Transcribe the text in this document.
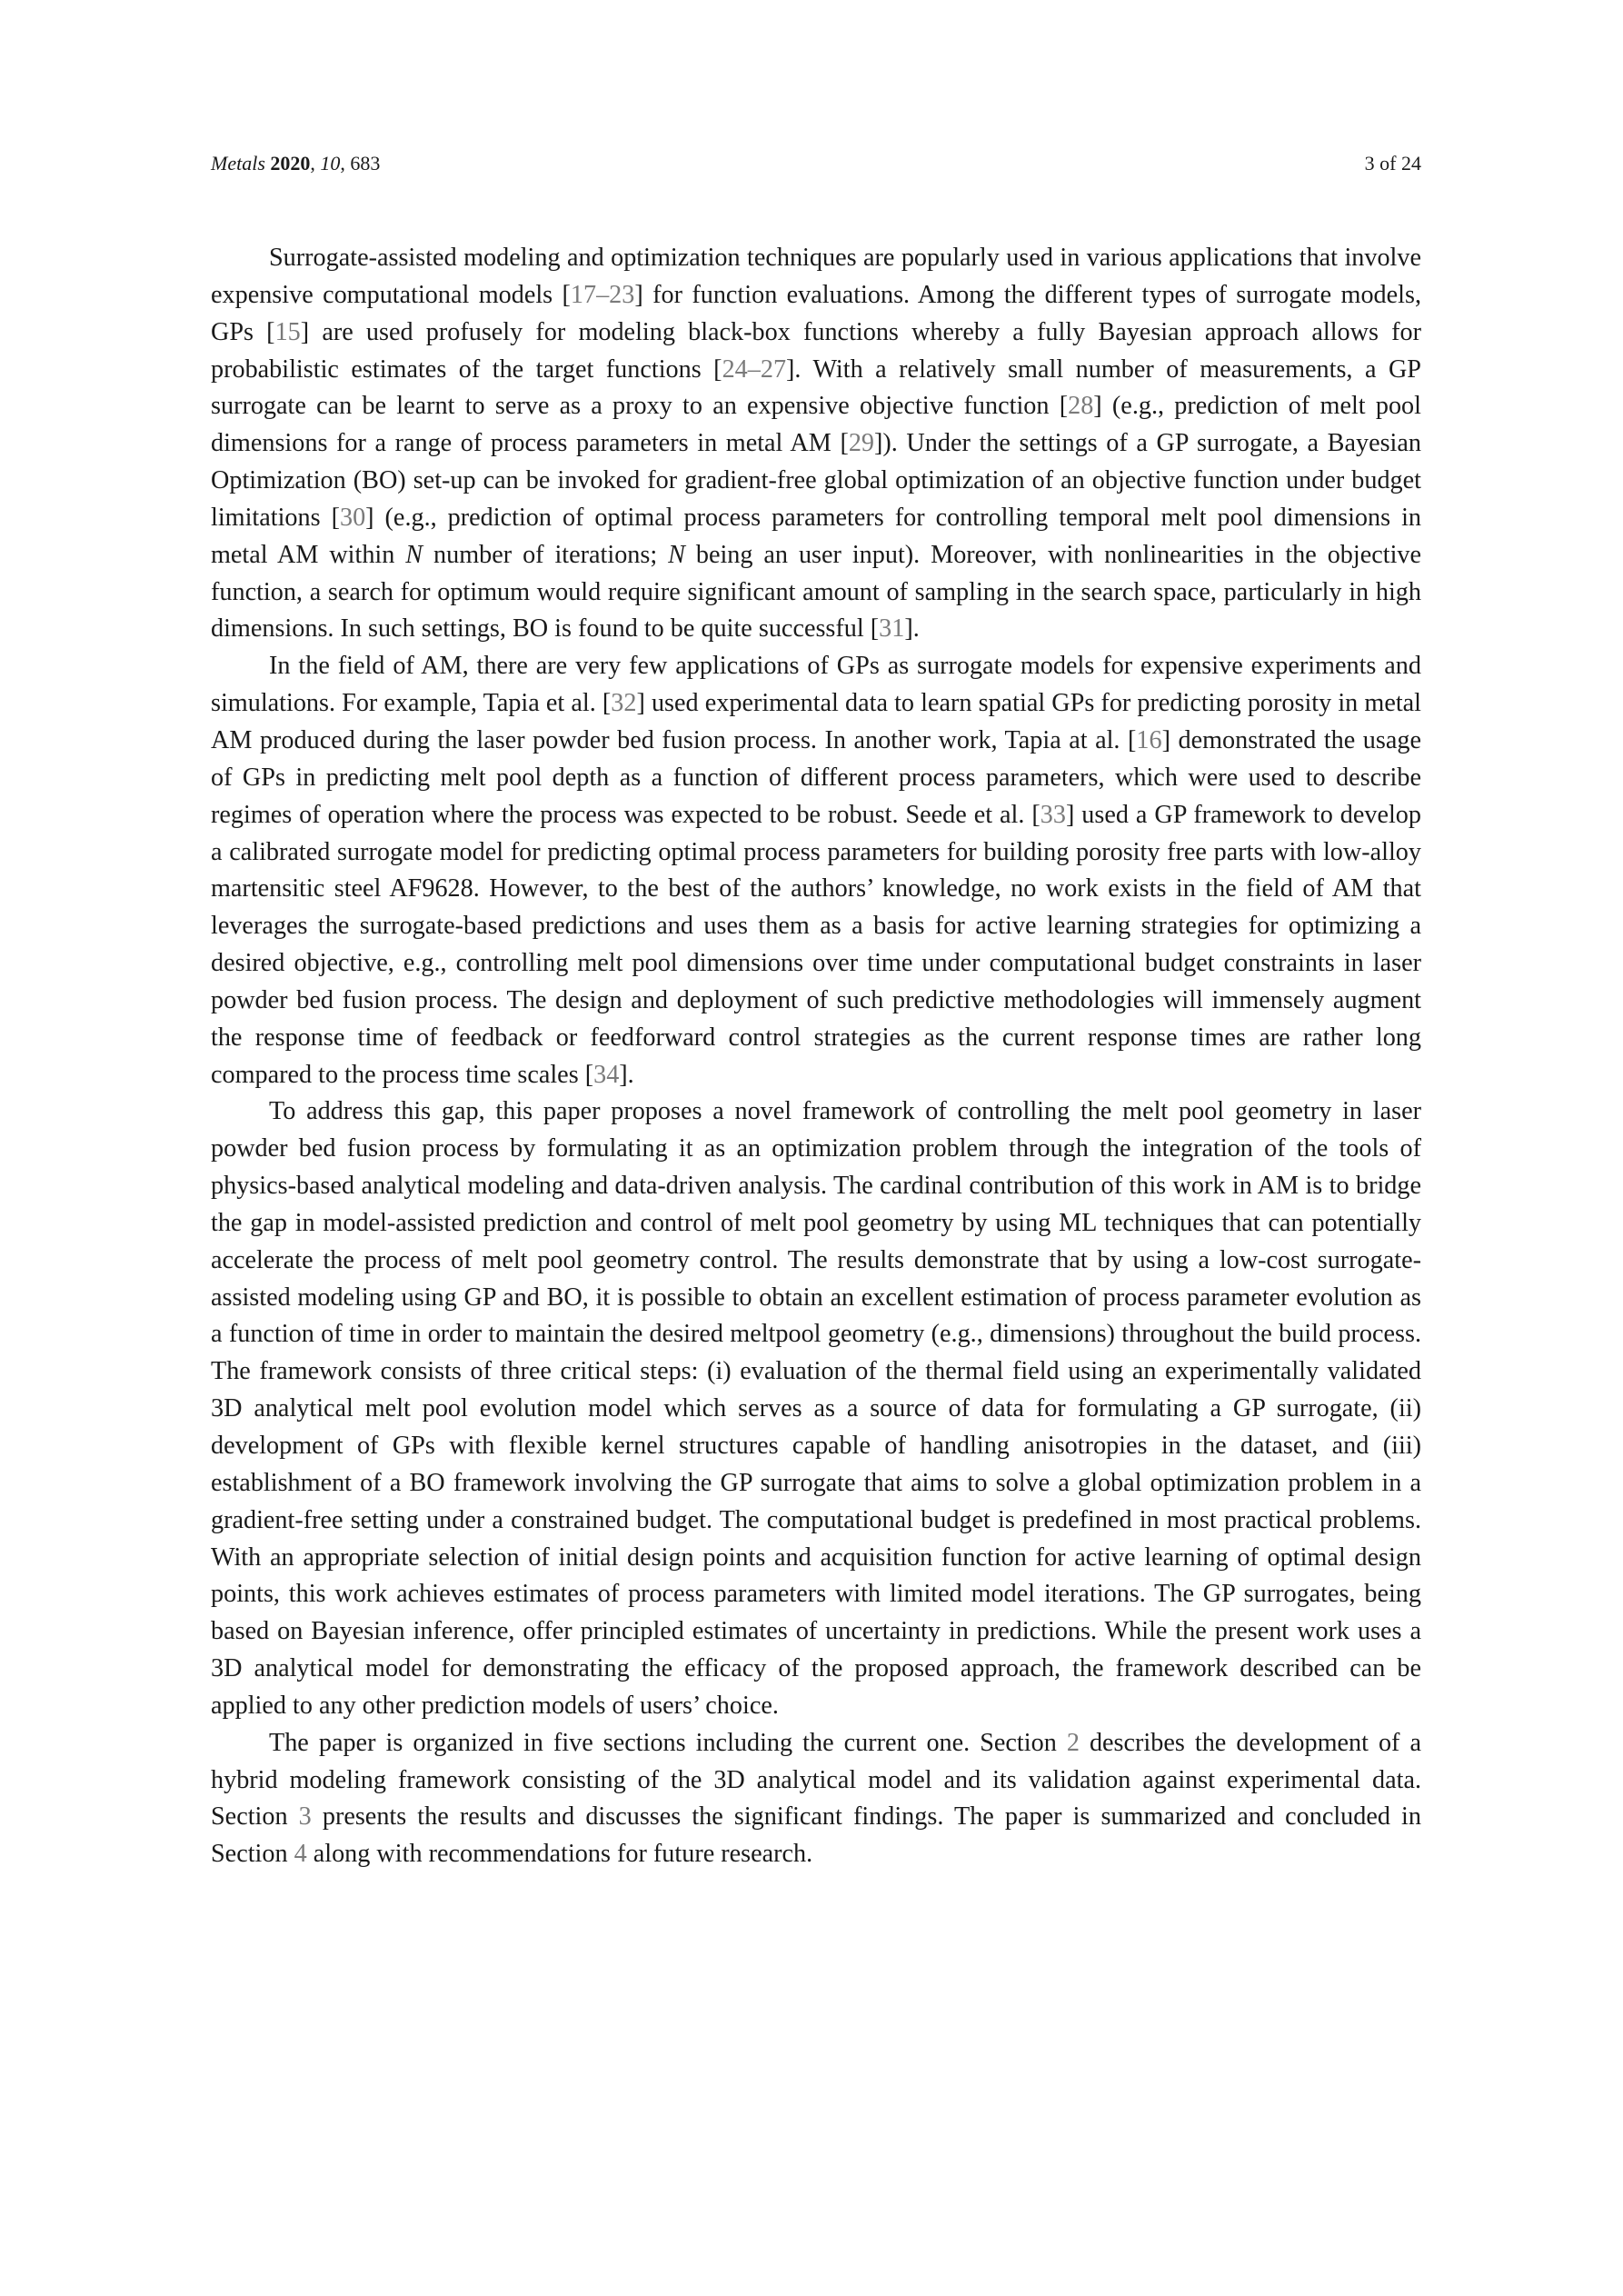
Metals 2020, 10, 683	3 of 24

Surrogate-assisted modeling and optimization techniques are popularly used in various applications that involve expensive computational models [17–23] for function evaluations. Among the different types of surrogate models, GPs [15] are used profusely for modeling black-box functions whereby a fully Bayesian approach allows for probabilistic estimates of the target functions [24–27]. With a relatively small number of measurements, a GP surrogate can be learnt to serve as a proxy to an expensive objective function [28] (e.g., prediction of melt pool dimensions for a range of process parameters in metal AM [29]). Under the settings of a GP surrogate, a Bayesian Optimization (BO) set-up can be invoked for gradient-free global optimization of an objective function under budget limitations [30] (e.g., prediction of optimal process parameters for controlling temporal melt pool dimensions in metal AM within N number of iterations; N being an user input). Moreover, with nonlinearities in the objective function, a search for optimum would require significant amount of sampling in the search space, particularly in high dimensions. In such settings, BO is found to be quite successful [31].

In the field of AM, there are very few applications of GPs as surrogate models for expensive experiments and simulations. For example, Tapia et al. [32] used experimental data to learn spatial GPs for predicting porosity in metal AM produced during the laser powder bed fusion process. In another work, Tapia at al. [16] demonstrated the usage of GPs in predicting melt pool depth as a function of different process parameters, which were used to describe regimes of operation where the process was expected to be robust. Seede et al. [33] used a GP framework to develop a calibrated surrogate model for predicting optimal process parameters for building porosity free parts with low-alloy martensitic steel AF9628. However, to the best of the authors’ knowledge, no work exists in the field of AM that leverages the surrogate-based predictions and uses them as a basis for active learning strategies for optimizing a desired objective, e.g., controlling melt pool dimensions over time under computational budget constraints in laser powder bed fusion process. The design and deployment of such predictive methodologies will immensely augment the response time of feedback or feedforward control strategies as the current response times are rather long compared to the process time scales [34].

To address this gap, this paper proposes a novel framework of controlling the melt pool geometry in laser powder bed fusion process by formulating it as an optimization problem through the integration of the tools of physics-based analytical modeling and data-driven analysis. The cardinal contribution of this work in AM is to bridge the gap in model-assisted prediction and control of melt pool geometry by using ML techniques that can potentially accelerate the process of melt pool geometry control. The results demonstrate that by using a low-cost surrogate-assisted modeling using GP and BO, it is possible to obtain an excellent estimation of process parameter evolution as a function of time in order to maintain the desired meltpool geometry (e.g., dimensions) throughout the build process. The framework consists of three critical steps: (i) evaluation of the thermal field using an experimentally validated 3D analytical melt pool evolution model which serves as a source of data for formulating a GP surrogate, (ii) development of GPs with flexible kernel structures capable of handling anisotropies in the dataset, and (iii) establishment of a BO framework involving the GP surrogate that aims to solve a global optimization problem in a gradient-free setting under a constrained budget. The computational budget is predefined in most practical problems. With an appropriate selection of initial design points and acquisition function for active learning of optimal design points, this work achieves estimates of process parameters with limited model iterations. The GP surrogates, being based on Bayesian inference, offer principled estimates of uncertainty in predictions. While the present work uses a 3D analytical model for demonstrating the efficacy of the proposed approach, the framework described can be applied to any other prediction models of users’ choice.

The paper is organized in five sections including the current one. Section 2 describes the development of a hybrid modeling framework consisting of the 3D analytical model and its validation against experimental data. Section 3 presents the results and discusses the significant findings. The paper is summarized and concluded in Section 4 along with recommendations for future research.
